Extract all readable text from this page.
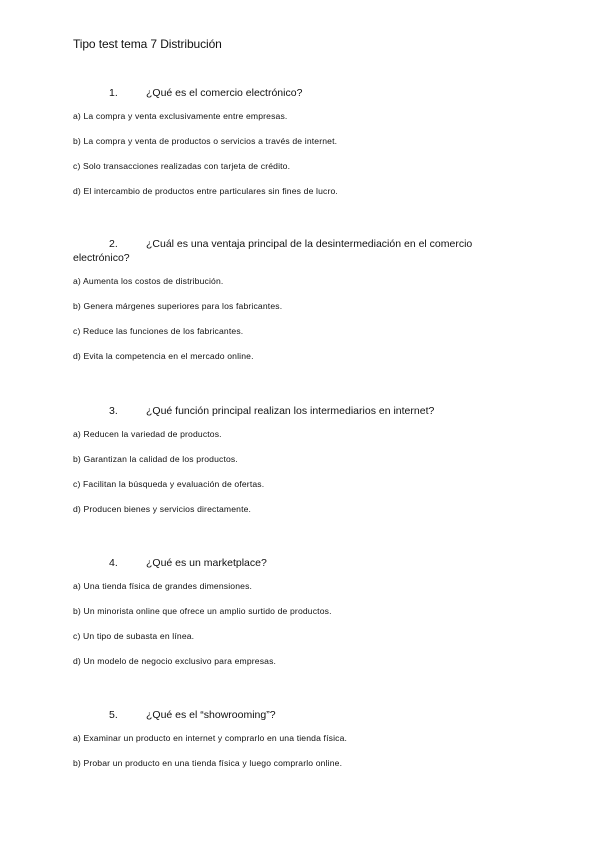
Tipo test tema 7 Distribución
1.	¿Qué es el comercio electrónico?
a) La compra y venta exclusivamente entre empresas.
b) La compra y venta de productos o servicios a través de internet.
c) Solo transacciones realizadas con tarjeta de crédito.
d) El intercambio de productos entre particulares sin fines de lucro.
2.	¿Cuál es una ventaja principal de la desintermediación en el comercio electrónico?
a) Aumenta los costos de distribución.
b) Genera márgenes superiores para los fabricantes.
c) Reduce las funciones de los fabricantes.
d) Evita la competencia en el mercado online.
3.	¿Qué función principal realizan los intermediarios en internet?
a) Reducen la variedad de productos.
b) Garantizan la calidad de los productos.
c) Facilitan la búsqueda y evaluación de ofertas.
d) Producen bienes y servicios directamente.
4.	¿Qué es un marketplace?
a) Una tienda física de grandes dimensiones.
b) Un minorista online que ofrece un amplio surtido de productos.
c) Un tipo de subasta en línea.
d) Un modelo de negocio exclusivo para empresas.
5.	¿Qué es el “showrooming”?
a) Examinar un producto en internet y comprarlo en una tienda física.
b) Probar un producto en una tienda física y luego comprarlo online.
